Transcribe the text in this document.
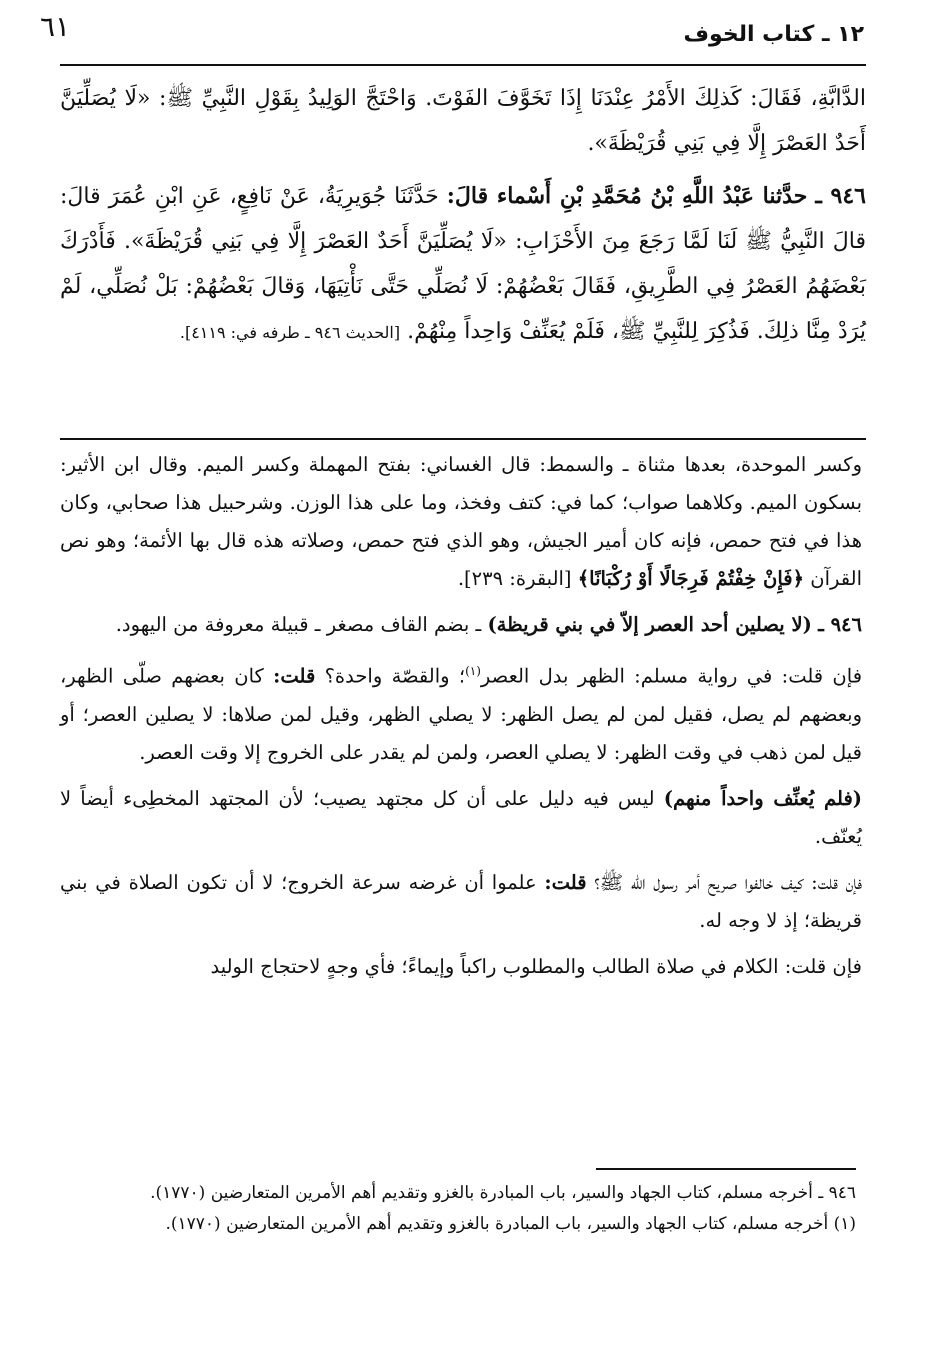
١٢ ـ كتاب الخوف
٦١

الدَّابَّةِ، فَقَالَ: كَذلِكَ الأَمْرُ عِنْدَنَا إِذَا تَخَوَّفَ الفَوْتَ. وَاحْتَجَّ الوَلِيدُ بِقَوْلِ النَّبِيِّ ﷺ: «لَا يُصَلِّيَنَّ أَحَدٌ العَصْرَ إِلَّا فِي بَنِي قُرَيْظَةَ».

٩٤٦ ـ حدَّثنا عَبْدُ اللَّهِ بْنُ مُحَمَّدِ بْنِ أَسْماء قالَ: حَدَّثَنَا جُوَيرِيَةُ، عَنْ نَافِعٍ، عَنِ ابْنِ عُمَرَ قالَ: قالَ النَّبِيُّ ﷺ لَنَا لَمَّا رَجَعَ مِنَ الأَحْزَابِ: «لَا يُصَلِّيَنَّ أَحَدٌ العَصْرَ إِلَّا فِي بَنِي قُرَيْظَةَ». فَأَدْرَكَ بَعْضَهُمُ العَصْرُ فِي الطَّرِيقِ، فَقَالَ بَعْضُهُمْ: لَا نُصَلِّي حَتَّى نَأْتِيَهَا، وَقالَ بَعْضُهُمْ: بَلْ نُصَلِّي، لَمْ يُرَدْ مِنَّا ذلِكَ. فَذُكِرَ لِلنَّبِيِّ ﷺ، فَلَمْ يُعَنِّفْ وَاحِداً مِنْهُمْ. [الحديث ٩٤٦ ـ طرفه في: ٤١١٩].

وكسر الموحدة، بعدها مثناة ـ والسمط: قال الغساني: بفتح المهملة وكسر الميم. وقال ابن الأثير: بسكون الميم. وكلاهما صواب؛ كما في: كتف وفخذ، وما على هذا الوزن. وشرحبيل هذا صحابي، وكان هذا في فتح حمص، فإنه كان أمير الجيش، وهو الذي فتح حمص، وصلاته هذه قال بها الأئمة؛ وهو نص القرآن ﴿فَإِنْ خِفْتُمْ فَرِجَالًا أَوْ رُكْبَانًا﴾ [البقرة: ٢٣٩].

٩٤٦ ـ (لا يصلين أحد العصر إلاّ في بني قريظة) ـ بضم القاف مصغر ـ قبيلة معروفة من اليهود.

فإن قلت: في رواية مسلم: الظهر بدل العصر$^{(١)}$؛ والقصّة واحدة؟ قلت: كان بعضهم صلّى الظهر، وبعضهم لم يصل، فقيل لمن لم يصل الظهر: لا يصلي الظهر، وقيل لمن صلاها: لا يصلين العصر؛ أو قيل لمن ذهب في وقت الظهر: لا يصلي العصر، ولمن لم يقدر على الخروج إلا وقت العصر.

(فلم يُعنِّف واحداً منهم) ليس فيه دليل على أن كل مجتهد يصيب؛ لأن المجتهد المخطِىء أيضاً لا يُعنّف.

فإن قلت: كيف خالفوا صريح أمر رسول الله ﷺ؟ قلت: علموا أن غرضه سرعة الخروج؛ لا أن تكون الصلاة في بني قريظة؛ إذ لا وجه له.

فإن قلت: الكلام في صلاة الطالب والمطلوب راكباً وإيماءً؛ فأي وجهٍ لاحتجاج الوليد

٩٤٦ ـ أخرجه مسلم، كتاب الجهاد والسير، باب المبادرة بالغزو وتقديم أهم الأمرين المتعارضين (١٧٧٠).

(١) أخرجه مسلم، كتاب الجهاد والسير، باب المبادرة بالغزو وتقديم أهم الأمرين المتعارضين (١٧٧٠).
